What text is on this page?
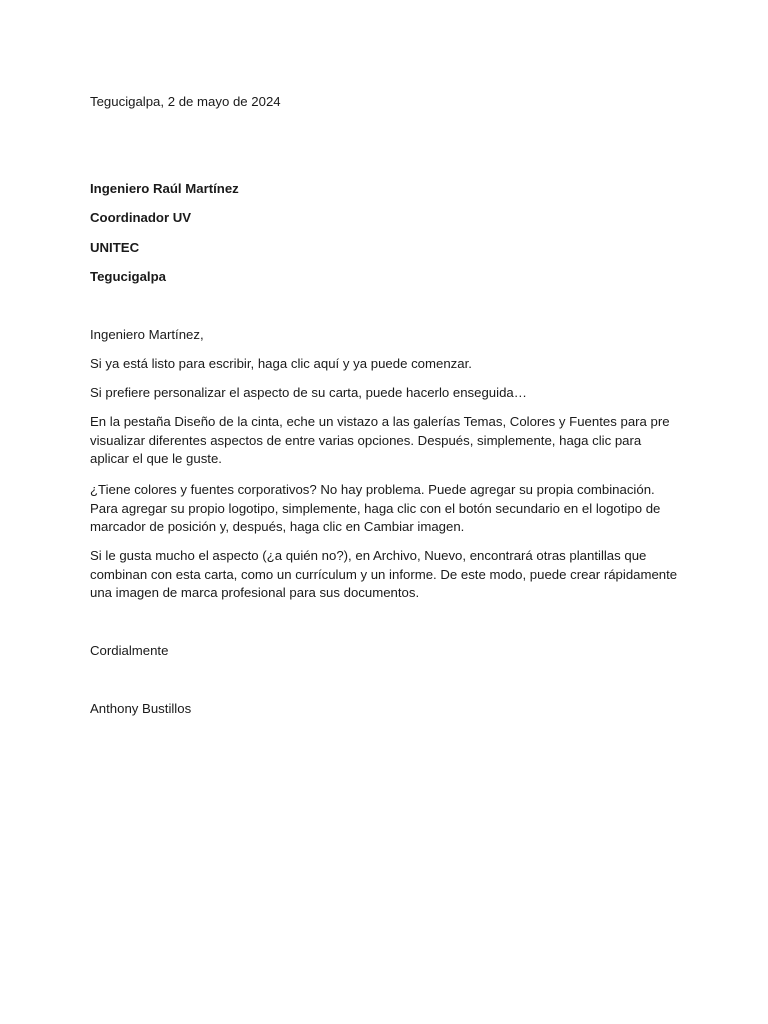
Tegucigalpa, 2 de mayo de 2024

Ingeniero Raúl Martínez

Coordinador UV

UNITEC

Tegucigalpa

Ingeniero Martínez,

Si ya está listo para escribir, haga clic aquí y ya puede comenzar.

Si prefiere personalizar el aspecto de su carta, puede hacerlo enseguida…

En la pestaña Diseño de la cinta, eche un vistazo a las galerías Temas, Colores y Fuentes para pre visualizar diferentes aspectos de entre varias opciones. Después, simplemente, haga clic para aplicar el que le guste.

¿Tiene colores y fuentes corporativos? No hay problema. Puede agregar su propia combinación. Para agregar su propio logotipo, simplemente, haga clic con el botón secundario en el logotipo de marcador de posición y, después, haga clic en Cambiar imagen.

Si le gusta mucho el aspecto (¿a quién no?), en Archivo, Nuevo, encontrará otras plantillas que combinan con esta carta, como un currículum y un informe. De este modo, puede crear rápidamente una imagen de marca profesional para sus documentos.

Cordialmente

Anthony Bustillos
